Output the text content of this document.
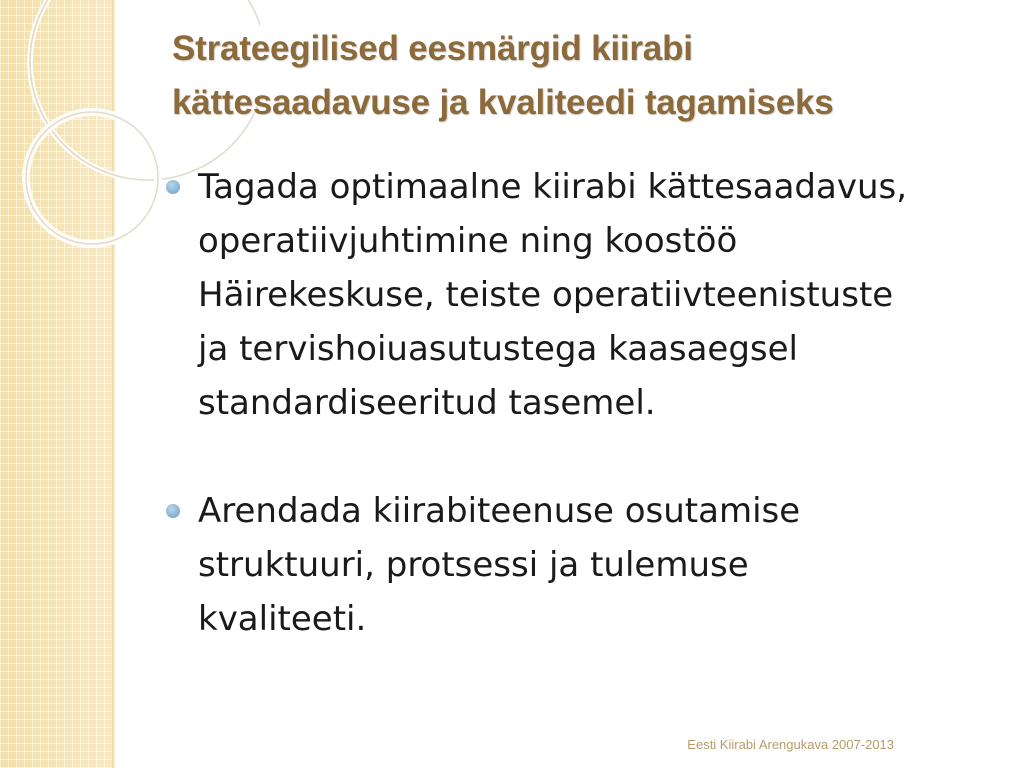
Strateegilised eesmärgid kiirabi
kättesaadavuse ja kvaliteedi tagamiseks
Tagada optimaalne kiirabi kättesaadavus,
operatiivjuhtimine ning koostöö
Häirekeskuse, teiste operatiivteenistuste
ja tervishoiuasutustega kaasaegsel
standardiseeritud tasemel.
Arendada kiirabiteenuse osutamise
struktuuri, protsessi ja tulemuse
kvaliteeti.
Eesti Kiirabi Arengukava 2007-2013
